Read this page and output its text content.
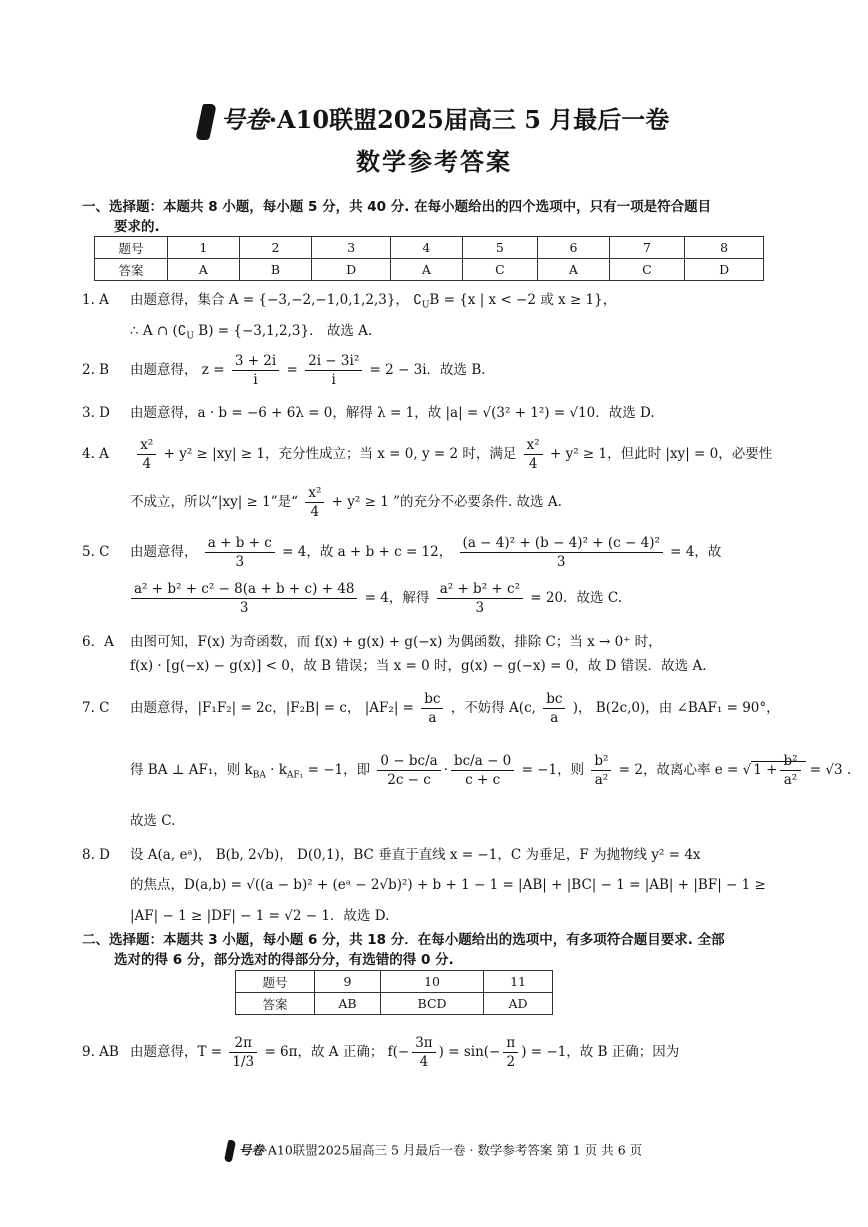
号卷·A10联盟2025届高三 5 月最后一卷
数学参考答案
一、选择题：本题共 8 小题，每小题 5 分，共 40 分. 在每小题给出的四个选项中，只有一项是符合题目
要求的.
题号	1	2	3	4	5	6	7	8
答案	A	B	D	A	C	A	C	D
1. A 由题意得，集合 A = {−3,−2,−1,0,1,2,3}， $∁_UB = \{x$ | x < −2 或 x ≥ 1}，
∴ A ∩ ($∁_U$ B) = {−3,1,2,3}． 故选 A.
2. B 由题意得， $z = \frac{3 + 2i}{i} = \frac{\text{2i − 3i²}}{i} = 2 - 3i$．故选 B.
3. D 由题意得，a · b = −6 + 6λ = 0，解得 λ = 1，故 |a| = √(3² + 1²) = √10．故选 D.
4. A $\frac{\text{x²}}{4} + y^2 \ge |xy| \ge 1$，充分性成立；当 x = 0, y = 2 时，满足 $\frac{\text{x²}}{4} + y^2 \ge 1$，但此时 |xy| = 0，必要性
不成立，所以“|xy| ≥ 1”是“ $\frac{\text{x²}}{4} + y^2 \ge 1$ ”的充分不必要条件. 故选 A.
5. C 由题意得， $\frac{a + b + c}{3} = 4$，故 a + b + c = 12， $\frac{\text{(a − 4)² + (b − 4)² + (c − 4)²}}{3} = 4$，故
$\frac{\text{a² + b² + c² − 8(a + b + c) + 48}}{3} = 4$，解得 $\frac{\text{a² + b² + c²}}{3} = 20$．故选 C.
6．A 由图可知，F(x) 为奇函数，而 f(x) + g(x) + g(−x) 为偶函数，排除 C；当 x → 0⁺ 时，
f(x) · [g(−x) − g(x)] < 0，故 B 错误；当 x = 0 时，g(x) − g(−x) = 0，故 D 错误．故选 A.
7. C 由题意得，|F₁F₂| = 2c，|F₂B| = c， $|AF_2| = \frac{bc}{a}$ ，不妨得 A(c, $\frac{bc}{a}$ )， B(2c,0)，由 ∠BAF₁ = 90°，
得 BA ⊥ AF₁，则 $k_{BA} \cdot k_{AF_1} = -1$，即 $\frac{0 - bc/a}{2c - c} \cdot \frac{bc/a - 0}{c + c} = -1$，则 $\frac{\text{b²}}{\text{a²}} = 2$，故离心率 e = √ $1 + \frac{\text{b²}}{\text{a²}} = √3$ .
故选 C.
8. D 设 A(a, eᵃ)， B(b, 2√b)， D(0,1)，BC 垂直于直线 x = −1，C 为垂足，F 为抛物线 y² = 4x
的焦点，D(a,b) = √((a − b)² + (eᵃ − 2√b)²) + b + 1 − 1 = |AB| + |BC| − 1 = |AB| + |BF| − 1 ≥
|AF| − 1 ≥ |DF| − 1 = √2 − 1．故选 D.
二、选择题：本题共 3 小题，每小题 6 分，共 18 分．在每小题给出的选项中，有多项符合题目要求. 全部
选对的得 6 分，部分选对的得部分分，有选错的得 0 分.
题号	9	10	11
答案	AB	BCD	AD
9. AB 由题意得，$T = \frac{2\pi}{1/3} = 6\pi$，故 A 正确； $f(- \frac{3\pi}{4}$ ) = $\sin(- \frac{\pi}{2}$ ) = −1，故 B 正确；因为
号卷·A10联盟2025届高三 5 月最后一卷 · 数学参考答案 第 1 页 共 6 页
